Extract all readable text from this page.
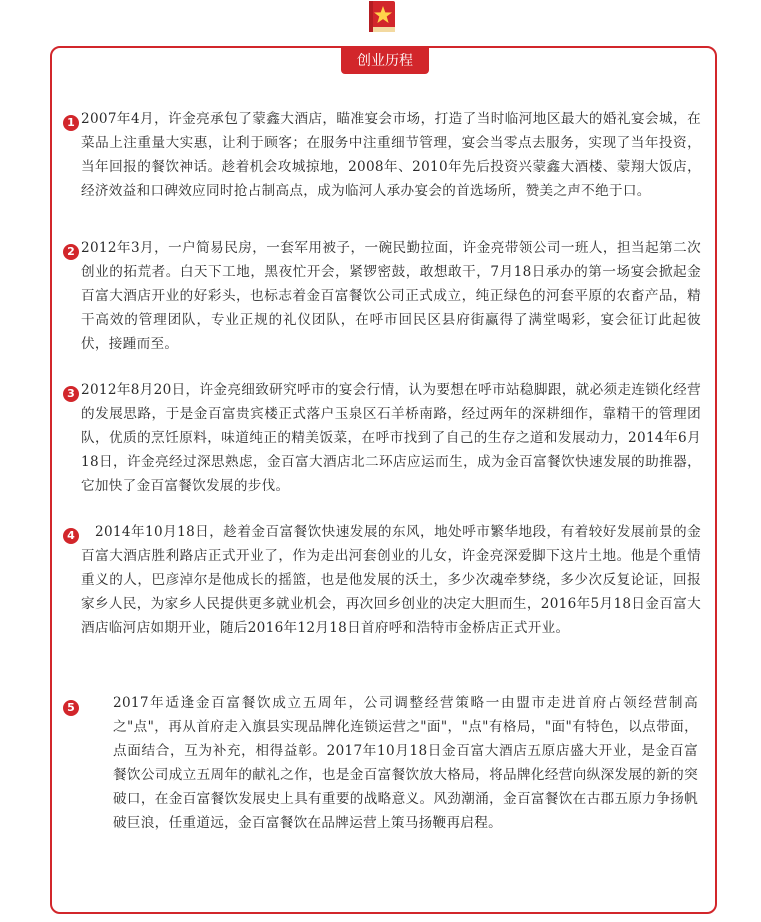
创业历程
1 2007年4月，许金亮承包了蒙鑫大酒店，瞄准宴会市场，打造了当时临河地区最大的婚礼宴会城，在菜品上注重量大实惠，让利于顾客；在服务中注重细节管理，宴会当零点去服务，实现了当年投资，当年回报的餐饮神话。趁着机会攻城掠地，2008年、2010年先后投资兴蒙鑫大酒楼、蒙翔大饭店，经济效益和口碑效应同时抢占制高点，成为临河人承办宴会的首选场所，赞美之声不绝于口。

2 2012年3月，一户简易民房，一套军用被子，一碗民勤拉面，许金亮带领公司一班人，担当起第二次创业的拓荒者。白天下工地，黑夜忙开会，紧锣密鼓，敢想敢干，7月18日承办的第一场宴会掀起金百富大酒店开业的好彩头，也标志着金百富餐饮公司正式成立，纯正绿色的河套平原的农畜产品，精干高效的管理团队，专业正规的礼仪团队，在呼市回民区县府街赢得了满堂喝彩，宴会征订此起彼伏，接踵而至。

3 2012年8月20日，许金亮细致研究呼市的宴会行情，认为要想在呼市站稳脚跟，就必须走连锁化经营的发展思路，于是金百富贵宾楼正式落户玉泉区石羊桥南路，经过两年的深耕细作，靠精干的管理团队，优质的烹饪原料，味道纯正的精美饭菜，在呼市找到了自己的生存之道和发展动力，2014年6月18日，许金亮经过深思熟虑，金百富大酒店北二环店应运而生，成为金百富餐饮快速发展的助推器，它加快了金百富餐饮发展的步伐。

4	2014年10月18日，趁着金百富餐饮快速发展的东风，地处呼市繁华地段，有着较好发展前景的金百富大酒店胜利路店正式开业了，作为走出河套创业的儿女，许金亮深爱脚下这片土地。他是个重情重义的人，巴彦淖尔是他成长的摇篮，也是他发展的沃土，多少次魂牵梦绕，多少次反复论证，回报家乡人民，为家乡人民提供更多就业机会，再次回乡创业的决定大胆而生，2016年5月18日金百富大酒店临河店如期开业，随后2016年12月18日首府呼和浩特市金桥店正式开业。

5	2017年适逢金百富餐饮成立五周年，公司调整经营策略一由盟市走进首府占领经营制高之"点"，再从首府走入旗县实现品牌化连锁运营之"面"，"点"有格局，"面"有特色，以点带面，点面结合，互为补充，相得益彰。2017年10月18日金百富大酒店五原店盛大开业，是金百富餐饮公司成立五周年的献礼之作，也是金百富餐饮放大格局，将品牌化经营向纵深发展的新的突破口，在金百富餐饮发展史上具有重要的战略意义。风劲潮涌，金百富餐饮在古郡五原力争扬帆破巨浪，任重道远，金百富餐饮在品牌运营上策马扬鞭再启程。
